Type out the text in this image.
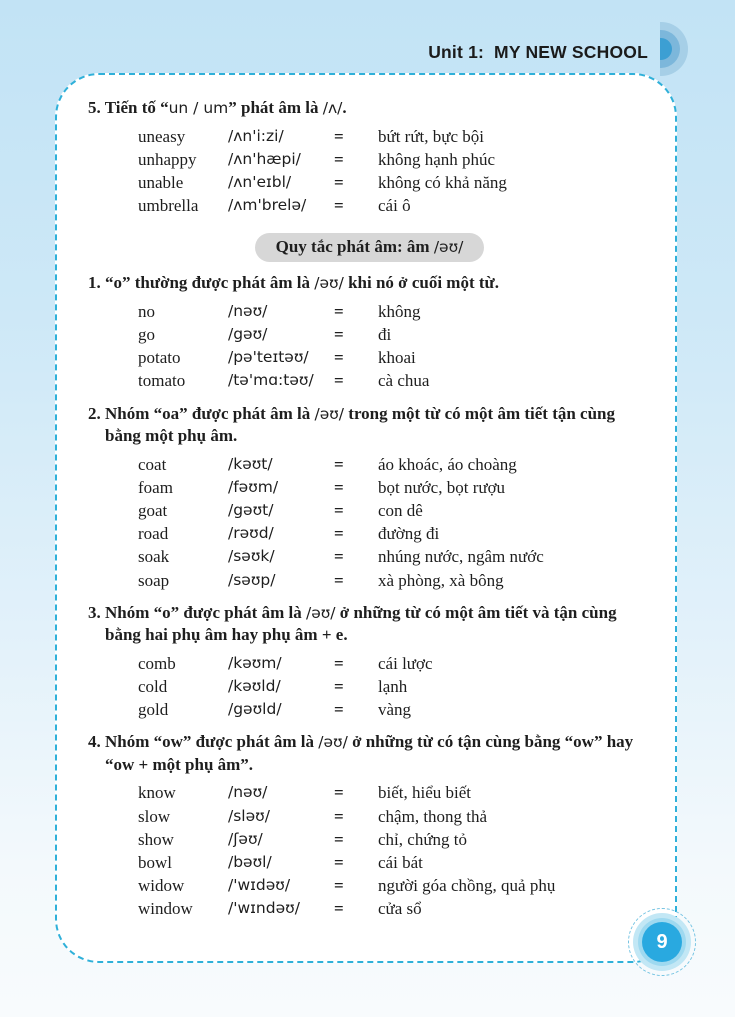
Unit 1: MY NEW SCHOOL
5. Tiến tố “un / um” phát âm là /ʌ/.
uneasy	/ʌn'i:zi/	=	bứt rứt, bực bội
unhappy	/ʌn'hæpi/	=	không hạnh phúc
unable	/ʌn'eɪbl/	=	không có khả năng
umbrella	/ʌm'brelə/	=	cái ô
Quy tắc phát âm: âm /əʊ/
1. “o” thường được phát âm là /əʊ/ khi nó ở cuối một từ.
no	/nəʊ/	=	không
go	/gəʊ/	=	đi
potato	/pə'teɪtəʊ/	=	khoai
tomato	/tə'mɑ:təʊ/	=	cà chua
2. Nhóm “oa” được phát âm là /əʊ/ trong một từ có một âm tiết tận cùng bằng một phụ âm.
coat	/kəʊt/	=	áo khoác, áo choàng
foam	/fəʊm/	=	bọt nước, bọt rượu
goat	/gəʊt/	=	con dê
road	/rəʊd/	=	đường đi
soak	/səʊk/	=	nhúng nước, ngâm nước
soap	/səʊp/	=	xà phòng, xà bông
3. Nhóm “o” được phát âm là /əʊ/ ở những từ có một âm tiết và tận cùng bằng hai phụ âm hay phụ âm + e.
comb	/kəʊm/	=	cái lược
cold	/kəʊld/	=	lạnh
gold	/gəʊld/	=	vàng
4. Nhóm “ow” được phát âm là /əʊ/ ở những từ có tận cùng bằng “ow” hay “ow + một phụ âm”.
know	/nəʊ/	=	biết, hiểu biết
slow	/sləʊ/	=	chậm, thong thả
show	/ʃəʊ/	=	chỉ, chứng tỏ
bowl	/bəʊl/	=	cái bát
widow	/'wɪdəʊ/	=	người góa chồng, quả phụ
window	/'wɪndəʊ/	=	cửa sổ
9
